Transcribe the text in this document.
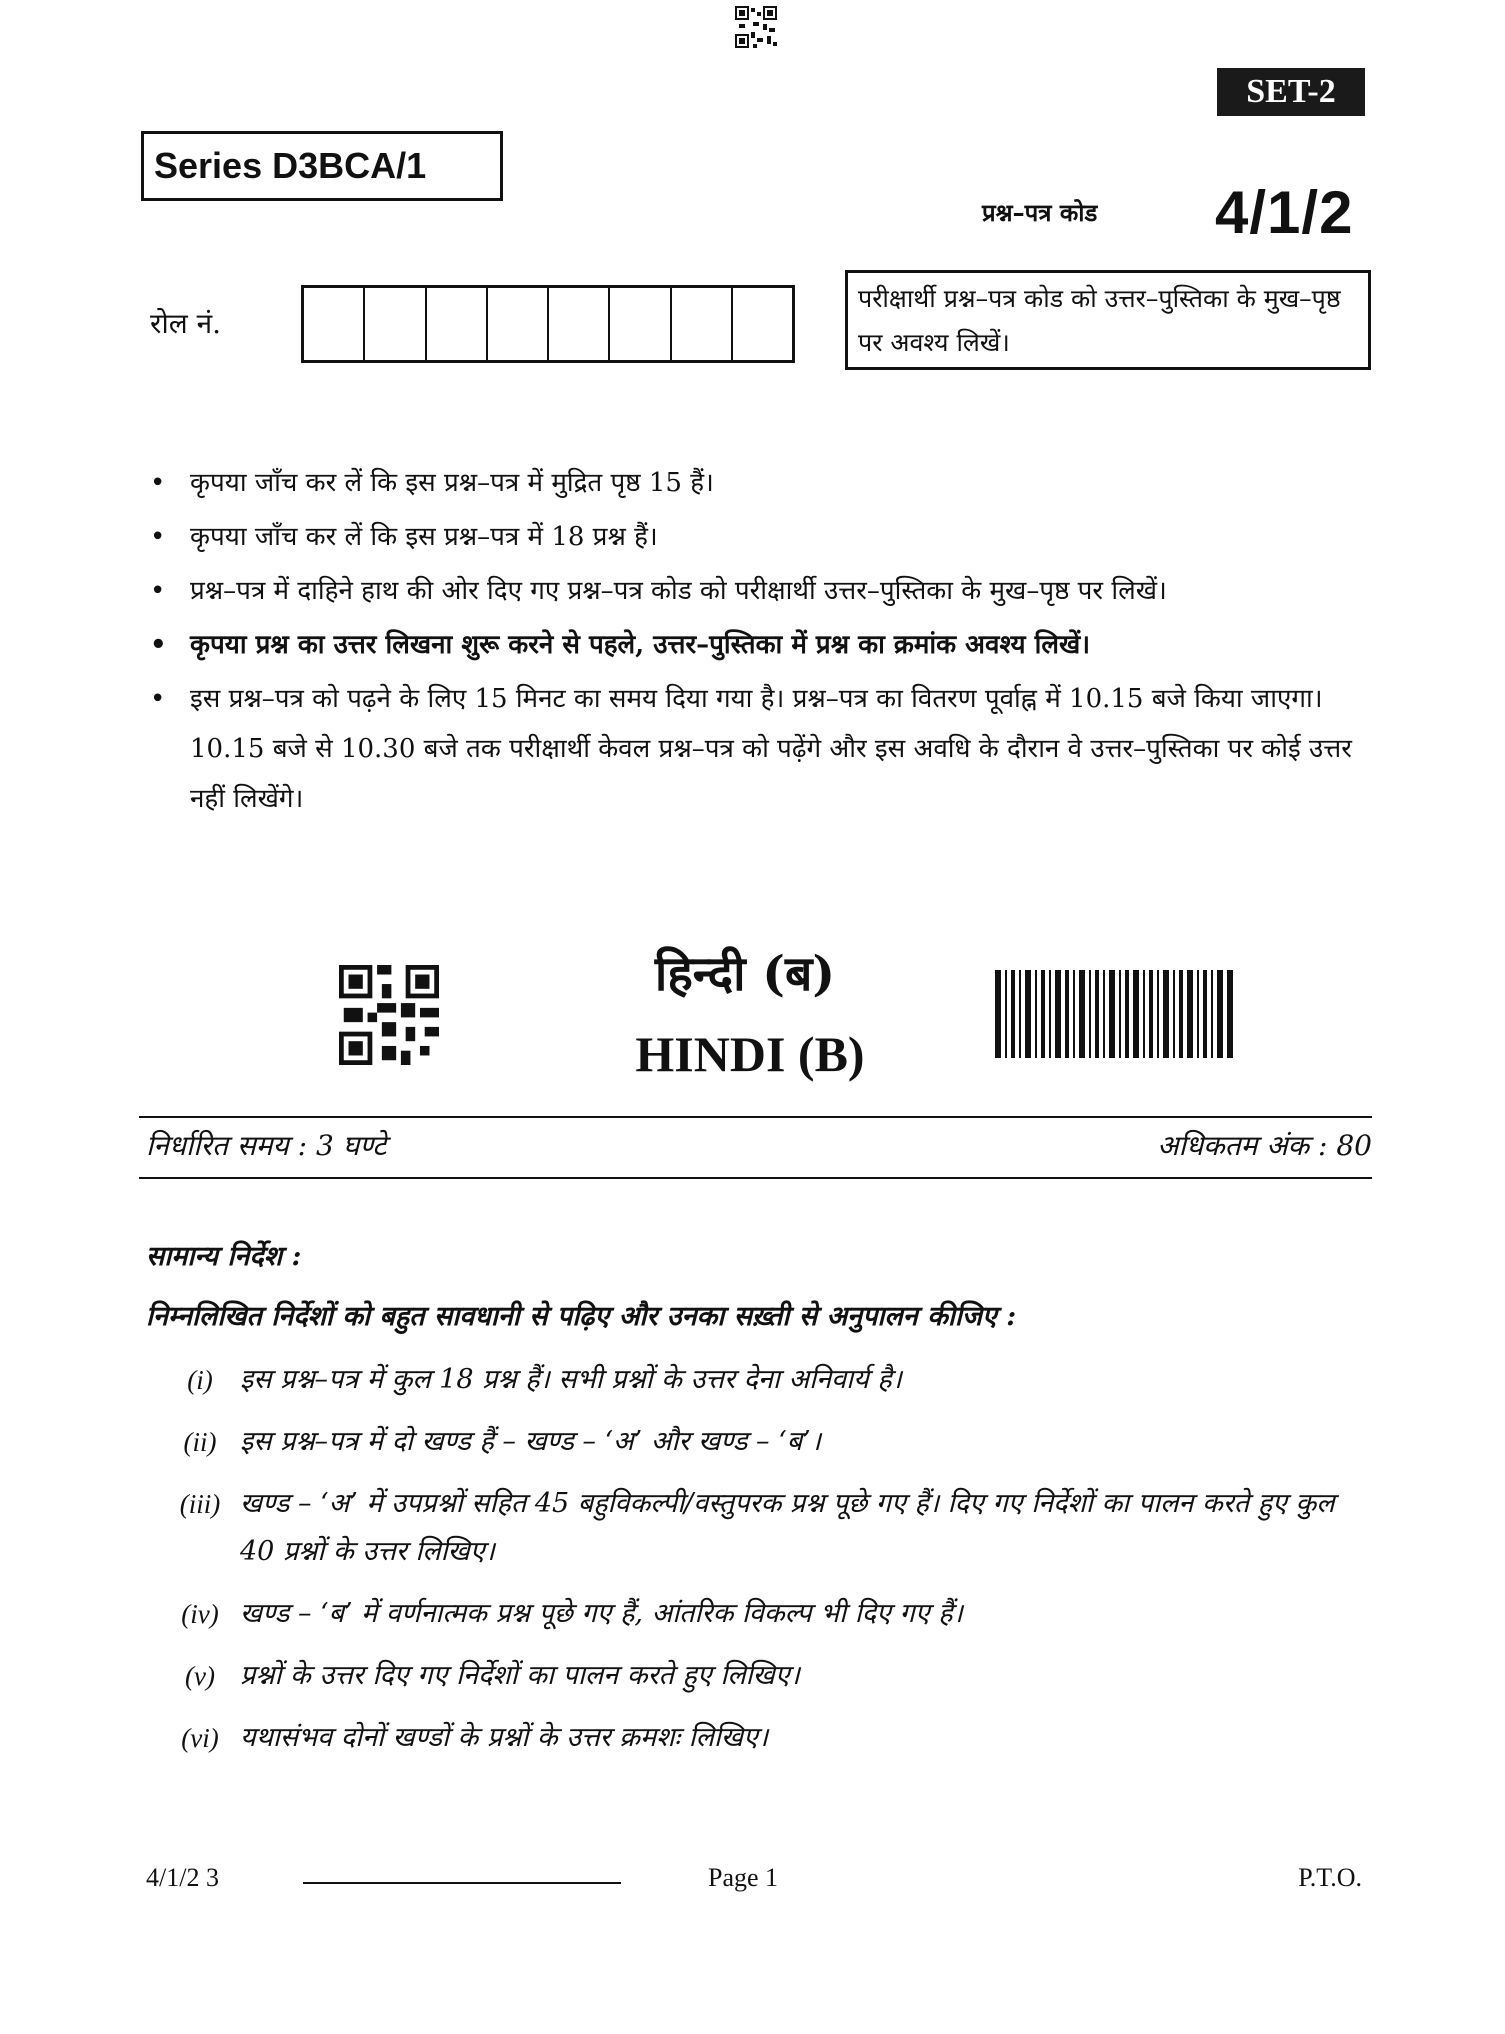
SET-2
Series D3BCA/1
प्रश्न–पत्र कोड 4/1/2
रोल नं.
परीक्षार्थी प्रश्न–पत्र कोड को उत्तर–पुस्तिका के मुख–पृष्ठ पर अवश्य लिखें।
• कृपया जाँच कर लें कि इस प्रश्न–पत्र में मुद्रित पृष्ठ 15 हैं।
• कृपया जाँच कर लें कि इस प्रश्न–पत्र में 18 प्रश्न हैं।
• प्रश्न–पत्र में दाहिने हाथ की ओर दिए गए प्रश्न–पत्र कोड को परीक्षार्थी उत्तर–पुस्तिका के मुख–पृष्ठ पर लिखें।
• कृपया प्रश्न का उत्तर लिखना शुरू करने से पहले, उत्तर–पुस्तिका में प्रश्न का क्रमांक अवश्य लिखें।
• इस प्रश्न–पत्र को पढ़ने के लिए 15 मिनट का समय दिया गया है। प्रश्न–पत्र का वितरण पूर्वाह्न में 10.15 बजे किया जाएगा। 10.15 बजे से 10.30 बजे तक परीक्षार्थी केवल प्रश्न–पत्र को पढ़ेंगे और इस अवधि के दौरान वे उत्तर–पुस्तिका पर कोई उत्तर नहीं लिखेंगे।
हिन्दी (ब)
HINDI (B)
निर्धारित समय : 3 घण्टे	अधिकतम अंक : 80
सामान्य निर्देश :
निम्नलिखित निर्देशों को बहुत सावधानी से पढ़िए और उनका सख़्ती से अनुपालन कीजिए :
(i)	इस प्रश्न–पत्र में कुल 18 प्रश्न हैं। सभी प्रश्नों के उत्तर देना अनिवार्य है।
(ii) इस प्रश्न–पत्र में दो खण्ड हैं – खण्ड – ‘अ’ और खण्ड – ‘ब’।
(iii) खण्ड – ‘अ’ में उपप्रश्नों सहित 45 बहुविकल्पी/वस्तुपरक प्रश्न पूछे गए हैं। दिए गए निर्देशों का पालन करते हुए कुल 40 प्रश्नों के उत्तर लिखिए।
(iv) खण्ड – ‘ब’ में वर्णनात्मक प्रश्न पूछे गए हैं, आंतरिक विकल्प भी दिए गए हैं।
(v) प्रश्नों के उत्तर दिए गए निर्देशों का पालन करते हुए लिखिए।
(vi) यथासंभव दोनों खण्डों के प्रश्नों के उत्तर क्रमशः लिखिए।
4/1/2 3	Page 1	P.T.O.
